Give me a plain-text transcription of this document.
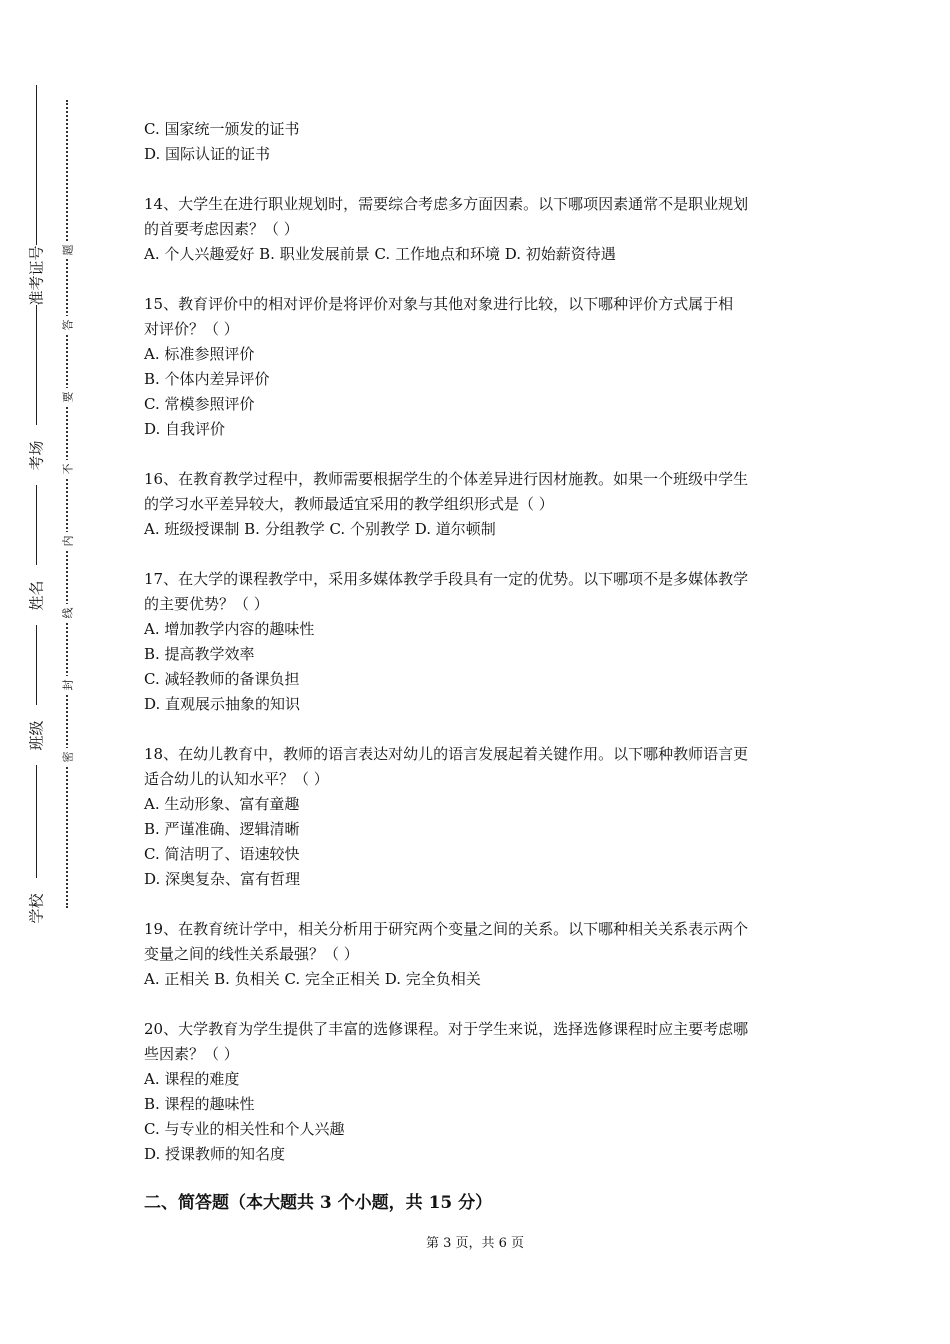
准考证号
考场
姓名
班级
学校
题
答
要
不
内
线
封
密
C. 国家统一颁发的证书
D. 国际认证的证书
14、大学生在进行职业规划时，需要综合考虑多方面因素。以下哪项因素通常不是职业规划
的首要考虑因素？（ ）
A. 个人兴趣爱好 B. 职业发展前景 C. 工作地点和环境 D. 初始薪资待遇
15、教育评价中的相对评价是将评价对象与其他对象进行比较，以下哪种评价方式属于相
对评价？（ ）
A. 标准参照评价
B. 个体内差异评价
C. 常模参照评价
D. 自我评价
16、在教育教学过程中，教师需要根据学生的个体差异进行因材施教。如果一个班级中学生
的学习水平差异较大，教师最适宜采用的教学组织形式是（ ）
A. 班级授课制 B. 分组教学 C. 个别教学 D. 道尔顿制
17、在大学的课程教学中，采用多媒体教学手段具有一定的优势。以下哪项不是多媒体教学
的主要优势？（ ）
A. 增加教学内容的趣味性
B. 提高教学效率
C. 减轻教师的备课负担
D. 直观展示抽象的知识
18、在幼儿教育中，教师的语言表达对幼儿的语言发展起着关键作用。以下哪种教师语言更
适合幼儿的认知水平？（ ）
A. 生动形象、富有童趣
B. 严谨准确、逻辑清晰
C. 简洁明了、语速较快
D. 深奥复杂、富有哲理
19、在教育统计学中，相关分析用于研究两个变量之间的关系。以下哪种相关关系表示两个
变量之间的线性关系最强？（ ）
A. 正相关 B. 负相关 C. 完全正相关 D. 完全负相关
20、大学教育为学生提供了丰富的选修课程。对于学生来说，选择选修课程时应主要考虑哪
些因素？（ ）
A. 课程的难度
B. 课程的趣味性
C. 与专业的相关性和个人兴趣
D. 授课教师的知名度
二、简答题（本大题共 3 个小题，共 15 分）
第 3 页，共 6 页
